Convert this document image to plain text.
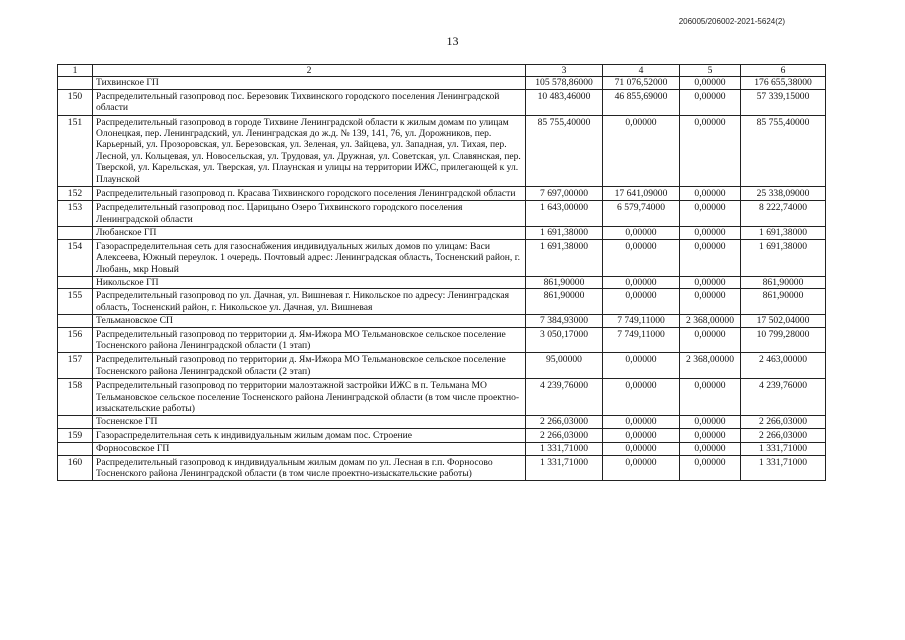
206005/206002-2021-5624(2)
13
1	2	3	4	5	6
	Тихвинское ГП	105 578,86000	71 076,52000	0,00000	176 655,38000
150	Распределительный газопровод пос. Березовик Тихвинского городского поселения Ленинградской области	10 483,46000	46 855,69000	0,00000	57 339,15000
151	Распределительный газопровод в городе Тихвине Ленинградской области к жилым домам по улицам Олонецкая, пер. Ленинградский, ул. Ленинградская до ж.д. № 139, 141, 76, ул. Дорожников, пер. Карьерный, ул. Прозоровская, ул. Березовская, ул. Зеленая, ул. Зайцева, ул. Западная, ул. Тихая, пер. Лесной, ул. Кольцевая, ул. Новосельская, ул. Трудовая, ул. Дружная, ул. Советская, ул. Славянская, пер. Тверской, ул. Карельская, ул. Тверская, ул. Плаунская и улицы на территории ИЖС, прилегающей к ул. Плаунской	85 755,40000	0,00000	0,00000	85 755,40000
152	Распределительный газопровод п. Красава Тихвинского городского поселения Ленинградской области	7 697,00000	17 641,09000	0,00000	25 338,09000
153	Распределительный газопровод пос. Царицыно Озеро Тихвинского городского поселения Ленинградской области	1 643,00000	6 579,74000	0,00000	8 222,74000
	Любанское ГП	1 691,38000	0,00000	0,00000	1 691,38000
154	Газораспределительная сеть для газоснабжения индивидуальных жилых домов по улицам: Васи Алексеева, Южный переулок. 1 очередь. Почтовый адрес: Ленинградская область, Тосненский район, г. Любань, мкр Новый	1 691,38000	0,00000	0,00000	1 691,38000
	Никольское ГП	861,90000	0,00000	0,00000	861,90000
155	Распределительный газопровод по ул. Дачная, ул. Вишневая г. Никольское по адресу: Ленинградская область, Тосненский район, г. Никольское ул. Дачная, ул. Вишневая	861,90000	0,00000	0,00000	861,90000
	Тельмановское СП	7 384,93000	7 749,11000	2 368,00000	17 502,04000
156	Распределительный газопровод по территории д. Ям-Ижора МО Тельмановское сельское поселение Тосненского района Ленинградской области (1 этап)	3 050,17000	7 749,11000	0,00000	10 799,28000
157	Распределительный газопровод по территории д. Ям-Ижора МО Тельмановское сельское поселение Тосненского района Ленинградской области (2 этап)	95,00000	0,00000	2 368,00000	2 463,00000
158	Распределительный газопровод по территории малоэтажной застройки ИЖС в п. Тельмана МО Тельмановское сельское поселение Тосненского района Ленинградской области (в том числе проектно-изыскательские работы)	4 239,76000	0,00000	0,00000	4 239,76000
	Тосненское ГП	2 266,03000	0,00000	0,00000	2 266,03000
159	Газораспределительная сеть к индивидуальным жилым домам пос. Строение	2 266,03000	0,00000	0,00000	2 266,03000
	Форносовское ГП	1 331,71000	0,00000	0,00000	1 331,71000
160	Распределительный газопровод к индивидуальным жилым домам по ул. Лесная в г.п. Форносово Тосненского района Ленинградской области (в том числе проектно-изыскательские работы)	1 331,71000	0,00000	0,00000	1 331,71000
